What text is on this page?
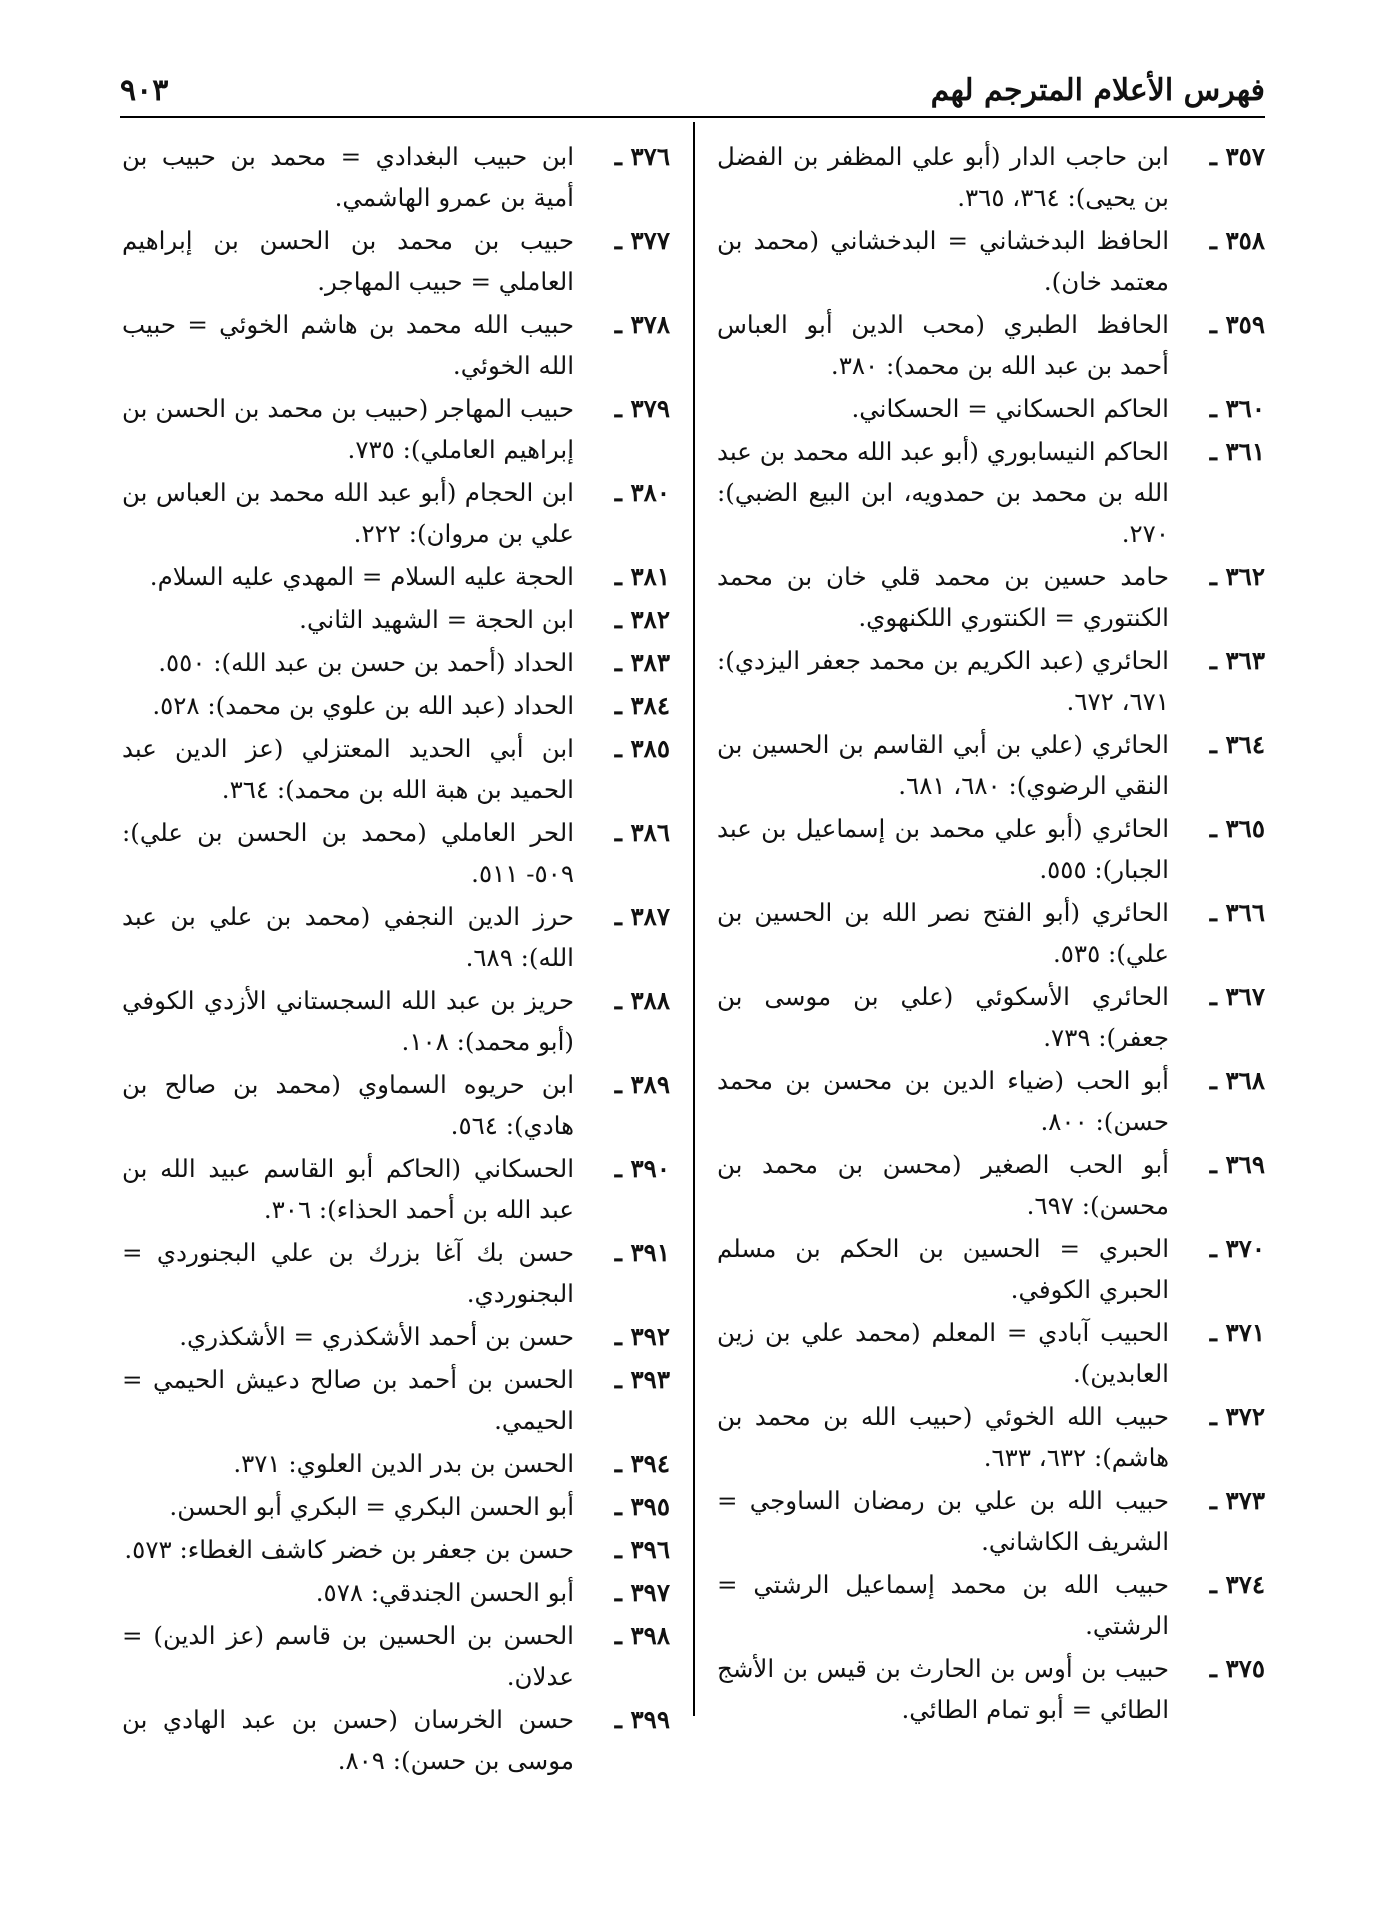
فهرس الأعلام المترجم لهم
٩٠٣
٣٥٧ ـ
ابن حاجب الدار (أبو علي المظفر بن الفضل بن يحيى): ٣٦٤، ٣٦٥.
٣٥٨ ـ
الحافظ البدخشاني = البدخشاني (محمد بن معتمد خان).
٣٥٩ ـ
الحافظ الطبري (محب الدين أبو العباس أحمد بن عبد الله بن محمد): ٣٨٠.
٣٦٠ ـ
الحاكم الحسكاني = الحسكاني.
٣٦١ ـ
الحاكم النيسابوري (أبو عبد الله محمد بن عبد الله بن محمد بن حمدويه، ابن البيع الضبي): ٢٧٠.
٣٦٢ ـ
حامد حسين بن محمد قلي خان بن محمد الكنتوري = الكنتوري اللكنهوي.
٣٦٣ ـ
الحائري (عبد الكريم بن محمد جعفر اليزدي): ٦٧١، ٦٧٢.
٣٦٤ ـ
الحائري (علي بن أبي القاسم بن الحسين بن النقي الرضوي): ٦٨٠، ٦٨١.
٣٦٥ ـ
الحائري (أبو علي محمد بن إسماعيل بن عبد الجبار): ٥٥٥.
٣٦٦ ـ
الحائري (أبو الفتح نصر الله بن الحسين بن علي): ٥٣٥.
٣٦٧ ـ
الحائري الأسكوئي (علي بن موسى بن جعفر): ٧٣٩.
٣٦٨ ـ
أبو الحب (ضياء الدين بن محسن بن محمد حسن): ٨٠٠.
٣٦٩ ـ
أبو الحب الصغير (محسن بن محمد بن محسن): ٦٩٧.
٣٧٠ ـ
الحبري = الحسين بن الحكم بن مسلم الحبري الكوفي.
٣٧١ ـ
الحبيب آبادي = المعلم (محمد علي بن زين العابدين).
٣٧٢ ـ
حبيب الله الخوئي (حبيب الله بن محمد بن هاشم): ٦٣٢، ٦٣٣.
٣٧٣ ـ
حبيب الله بن علي بن رمضان الساوجي = الشريف الكاشاني.
٣٧٤ ـ
حبيب الله بن محمد إسماعيل الرشتي = الرشتي.
٣٧٥ ـ
حبيب بن أوس بن الحارث بن قيس بن الأشج الطائي = أبو تمام الطائي.
٣٧٦ ـ
ابن حبيب البغدادي = محمد بن حبيب بن أمية بن عمرو الهاشمي.
٣٧٧ ـ
حبيب بن محمد بن الحسن بن إبراهيم العاملي = حبيب المهاجر.
٣٧٨ ـ
حبيب الله محمد بن هاشم الخوئي = حبيب الله الخوئي.
٣٧٩ ـ
حبيب المهاجر (حبيب بن محمد بن الحسن بن إبراهيم العاملي): ٧٣٥.
٣٨٠ ـ
ابن الحجام (أبو عبد الله محمد بن العباس بن علي بن مروان): ٢٢٢.
٣٨١ ـ
الحجة عليه السلام = المهدي عليه السلام.
٣٨٢ ـ
ابن الحجة = الشهيد الثاني.
٣٨٣ ـ
الحداد (أحمد بن حسن بن عبد الله): ٥٥٠.
٣٨٤ ـ
الحداد (عبد الله بن علوي بن محمد): ٥٢٨.
٣٨٥ ـ
ابن أبي الحديد المعتزلي (عز الدين عبد الحميد بن هبة الله بن محمد): ٣٦٤.
٣٨٦ ـ
الحر العاملي (محمد بن الحسن بن علي): ٥٠٩- ٥١١.
٣٨٧ ـ
حرز الدين النجفي (محمد بن علي بن عبد الله): ٦٨٩.
٣٨٨ ـ
حريز بن عبد الله السجستاني الأزدي الكوفي (أبو محمد): ١٠٨.
٣٨٩ ـ
ابن حريوه السماوي (محمد بن صالح بن هادي): ٥٦٤.
٣٩٠ ـ
الحسكاني (الحاكم أبو القاسم عبيد الله بن عبد الله بن أحمد الحذاء): ٣٠٦.
٣٩١ ـ
حسن بك آغا بزرك بن علي البجنوردي = البجنوردي.
٣٩٢ ـ
حسن بن أحمد الأشكذري = الأشكذري.
٣٩٣ ـ
الحسن بن أحمد بن صالح دعيش الحيمي = الحيمي.
٣٩٤ ـ
الحسن بن بدر الدين العلوي: ٣٧١.
٣٩٥ ـ
أبو الحسن البكري = البكري أبو الحسن.
٣٩٦ ـ
حسن بن جعفر بن خضر كاشف الغطاء: ٥٧٣.
٣٩٧ ـ
أبو الحسن الجندقي: ٥٧٨.
٣٩٨ ـ
الحسن بن الحسين بن قاسم (عز الدين) = عدلان.
٣٩٩ ـ
حسن الخرسان (حسن بن عبد الهادي بن موسى بن حسن): ٨٠٩.
